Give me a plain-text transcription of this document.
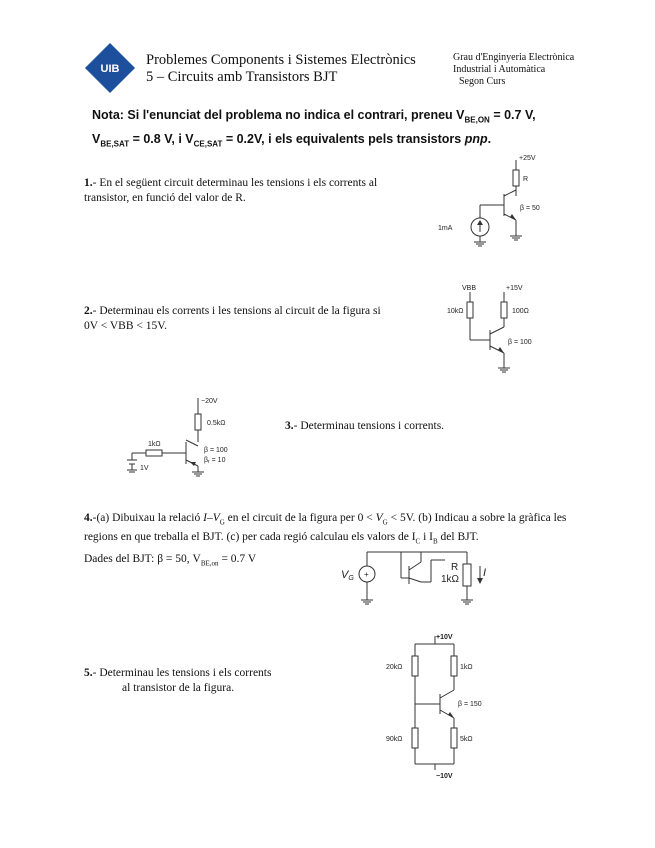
UIB
Problemes Components i Sistemes Electrònics
5 – Circuits amb Transistors BJT
Grau d'Enginyeria Electrònica
Industrial i Automàtica
Segon Curs
Nota: Si l'enunciat del problema no indica el contrari, preneu $V_{BE,ON} = 0.7$ V, $V_{BE,SAT} = 0.8$ V, i $V_{CE,SAT} = 0.2V$, i els equivalents pels transistors pnp.
1.- En el següent circuit determinau les tensions i els corrents al transistor, en funció del valor de R.
+25V
R
β = 50
1mA
2.- Determinau els corrents i les tensions al circuit de la figura si 0V < VBB < 15V.
VBB	+15V
10kΩ	100Ω
β = 100
−20V
0.5kΩ
1kΩ
β = 100
βr = 10
1V
3.- Determinau tensions i corrents.
4.-(a) Dibuixau la relació $I-V_G$ en el circuit de la figura per $0 < V_G < 5V$. (b) Indicau a sobre la gràfica les regions en que treballa el BJT. (c) per cada regió calculau els valors de $I_C$ i $I_B$ del BJT.
Dades del BJT: β = 50, $V_{BE,on} = 0.7$ V
+
VG
R
1kΩ
I
5.- Determinau les tensions i els corrents
al transistor de la figura.
+10V
−10V
20kΩ
90kΩ
1kΩ
5kΩ
β = 150
